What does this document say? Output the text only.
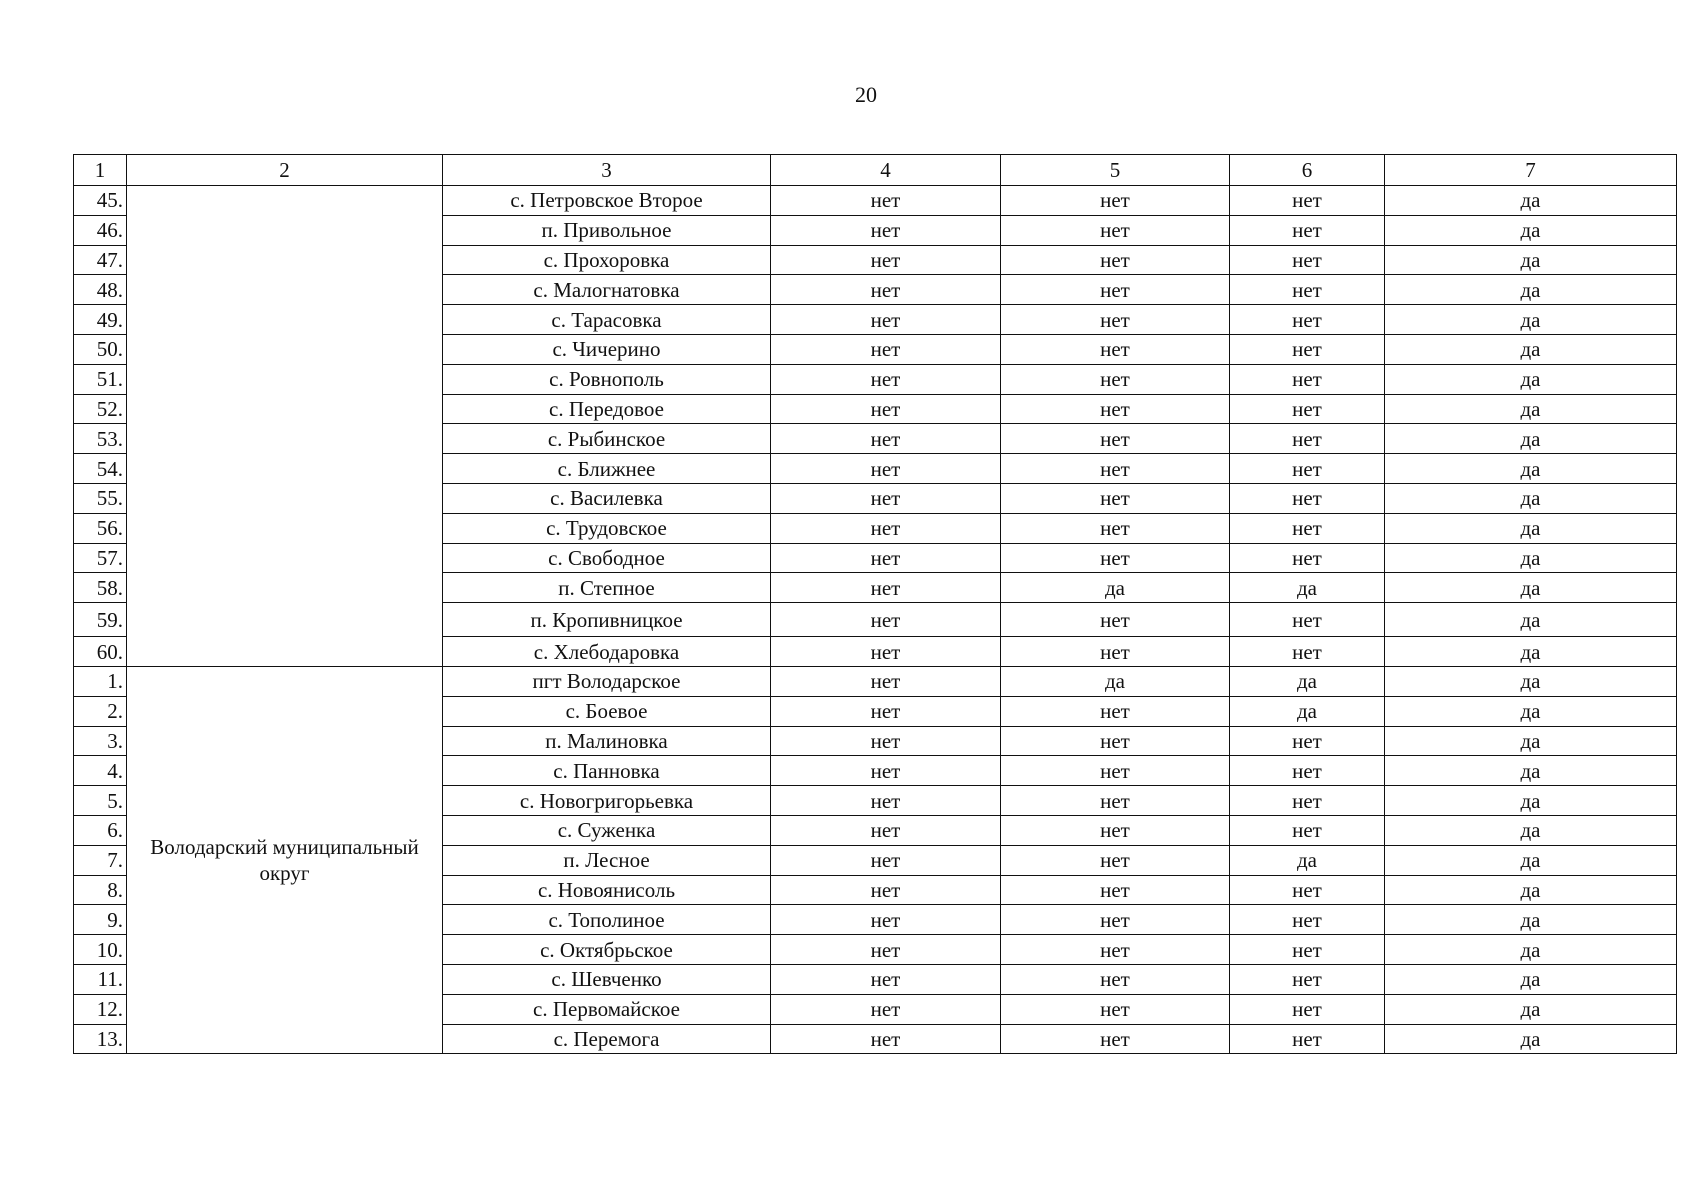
20
1	2	3	4	5	6	7
45.		с. Петровское Второе	нет	нет	нет	да
46.		п. Привольное	нет	нет	нет	да
47.		с. Прохоровка	нет	нет	нет	да
48.		с. Малогнатовка	нет	нет	нет	да
49.		с. Тарасовка	нет	нет	нет	да
50.		с. Чичерино	нет	нет	нет	да
51.		с. Ровнополь	нет	нет	нет	да
52.		с. Передовое	нет	нет	нет	да
53.		с. Рыбинское	нет	нет	нет	да
54.		с. Ближнее	нет	нет	нет	да
55.		с. Василевка	нет	нет	нет	да
56.		с. Трудовское	нет	нет	нет	да
57.		с. Свободное	нет	нет	нет	да
58.		п. Степное	нет	да	да	да
59.		п. Кропивницкое	нет	нет	нет	да
60.		с. Хлебодаровка	нет	нет	нет	да
1.	Володарский муниципальный округ	пгт Володарское	нет	да	да	да
2.		с. Боевое	нет	нет	да	да
3.		п. Малиновка	нет	нет	нет	да
4.		с. Панновка	нет	нет	нет	да
5.		с. Новогригорьевка	нет	нет	нет	да
6.		с. Суженка	нет	нет	нет	да
7.		п. Лесное	нет	нет	да	да
8.		с. Новоянисоль	нет	нет	нет	да
9.		с. Тополиное	нет	нет	нет	да
10.		с. Октябрьское	нет	нет	нет	да
11.		с. Шевченко	нет	нет	нет	да
12.		с. Первомайское	нет	нет	нет	да
13.		с. Перемога	нет	нет	нет	да
